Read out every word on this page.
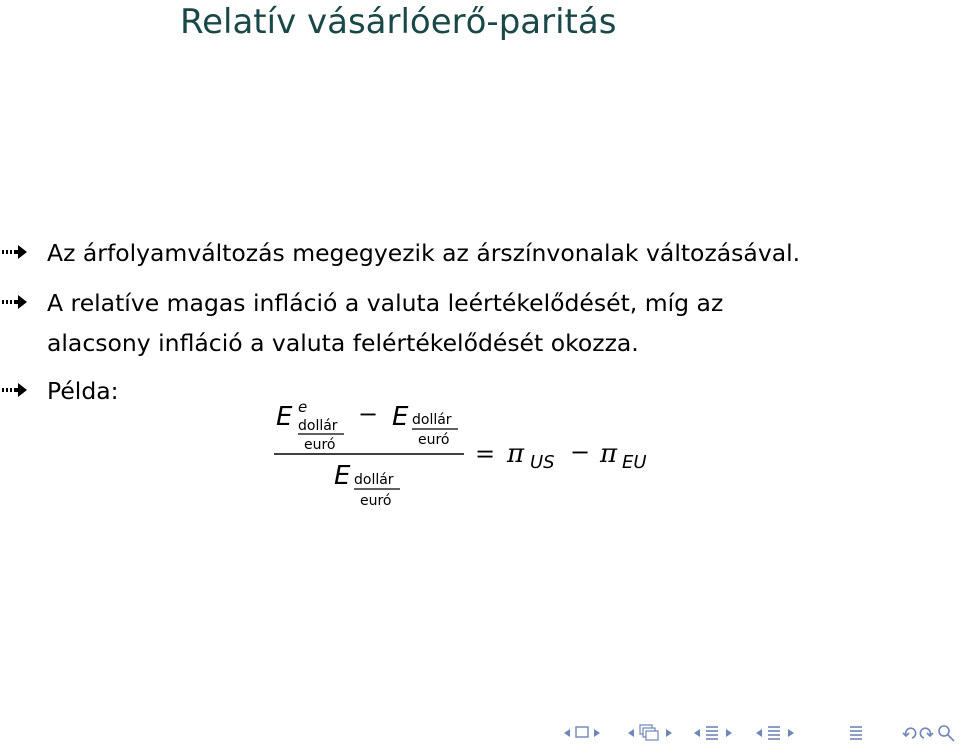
Relatív vásárlóerő-paritás
Az árfolyamváltozás megegyezik az árszínvonalak változásával.
A relatíve magas infláció a valuta leértékelődését, míg az
alacsony infláció a valuta felértékelődését okozza.
Példa:
E e
dollár
euró
− E dollár
euró
E dollár
euró
= π US − π EU
